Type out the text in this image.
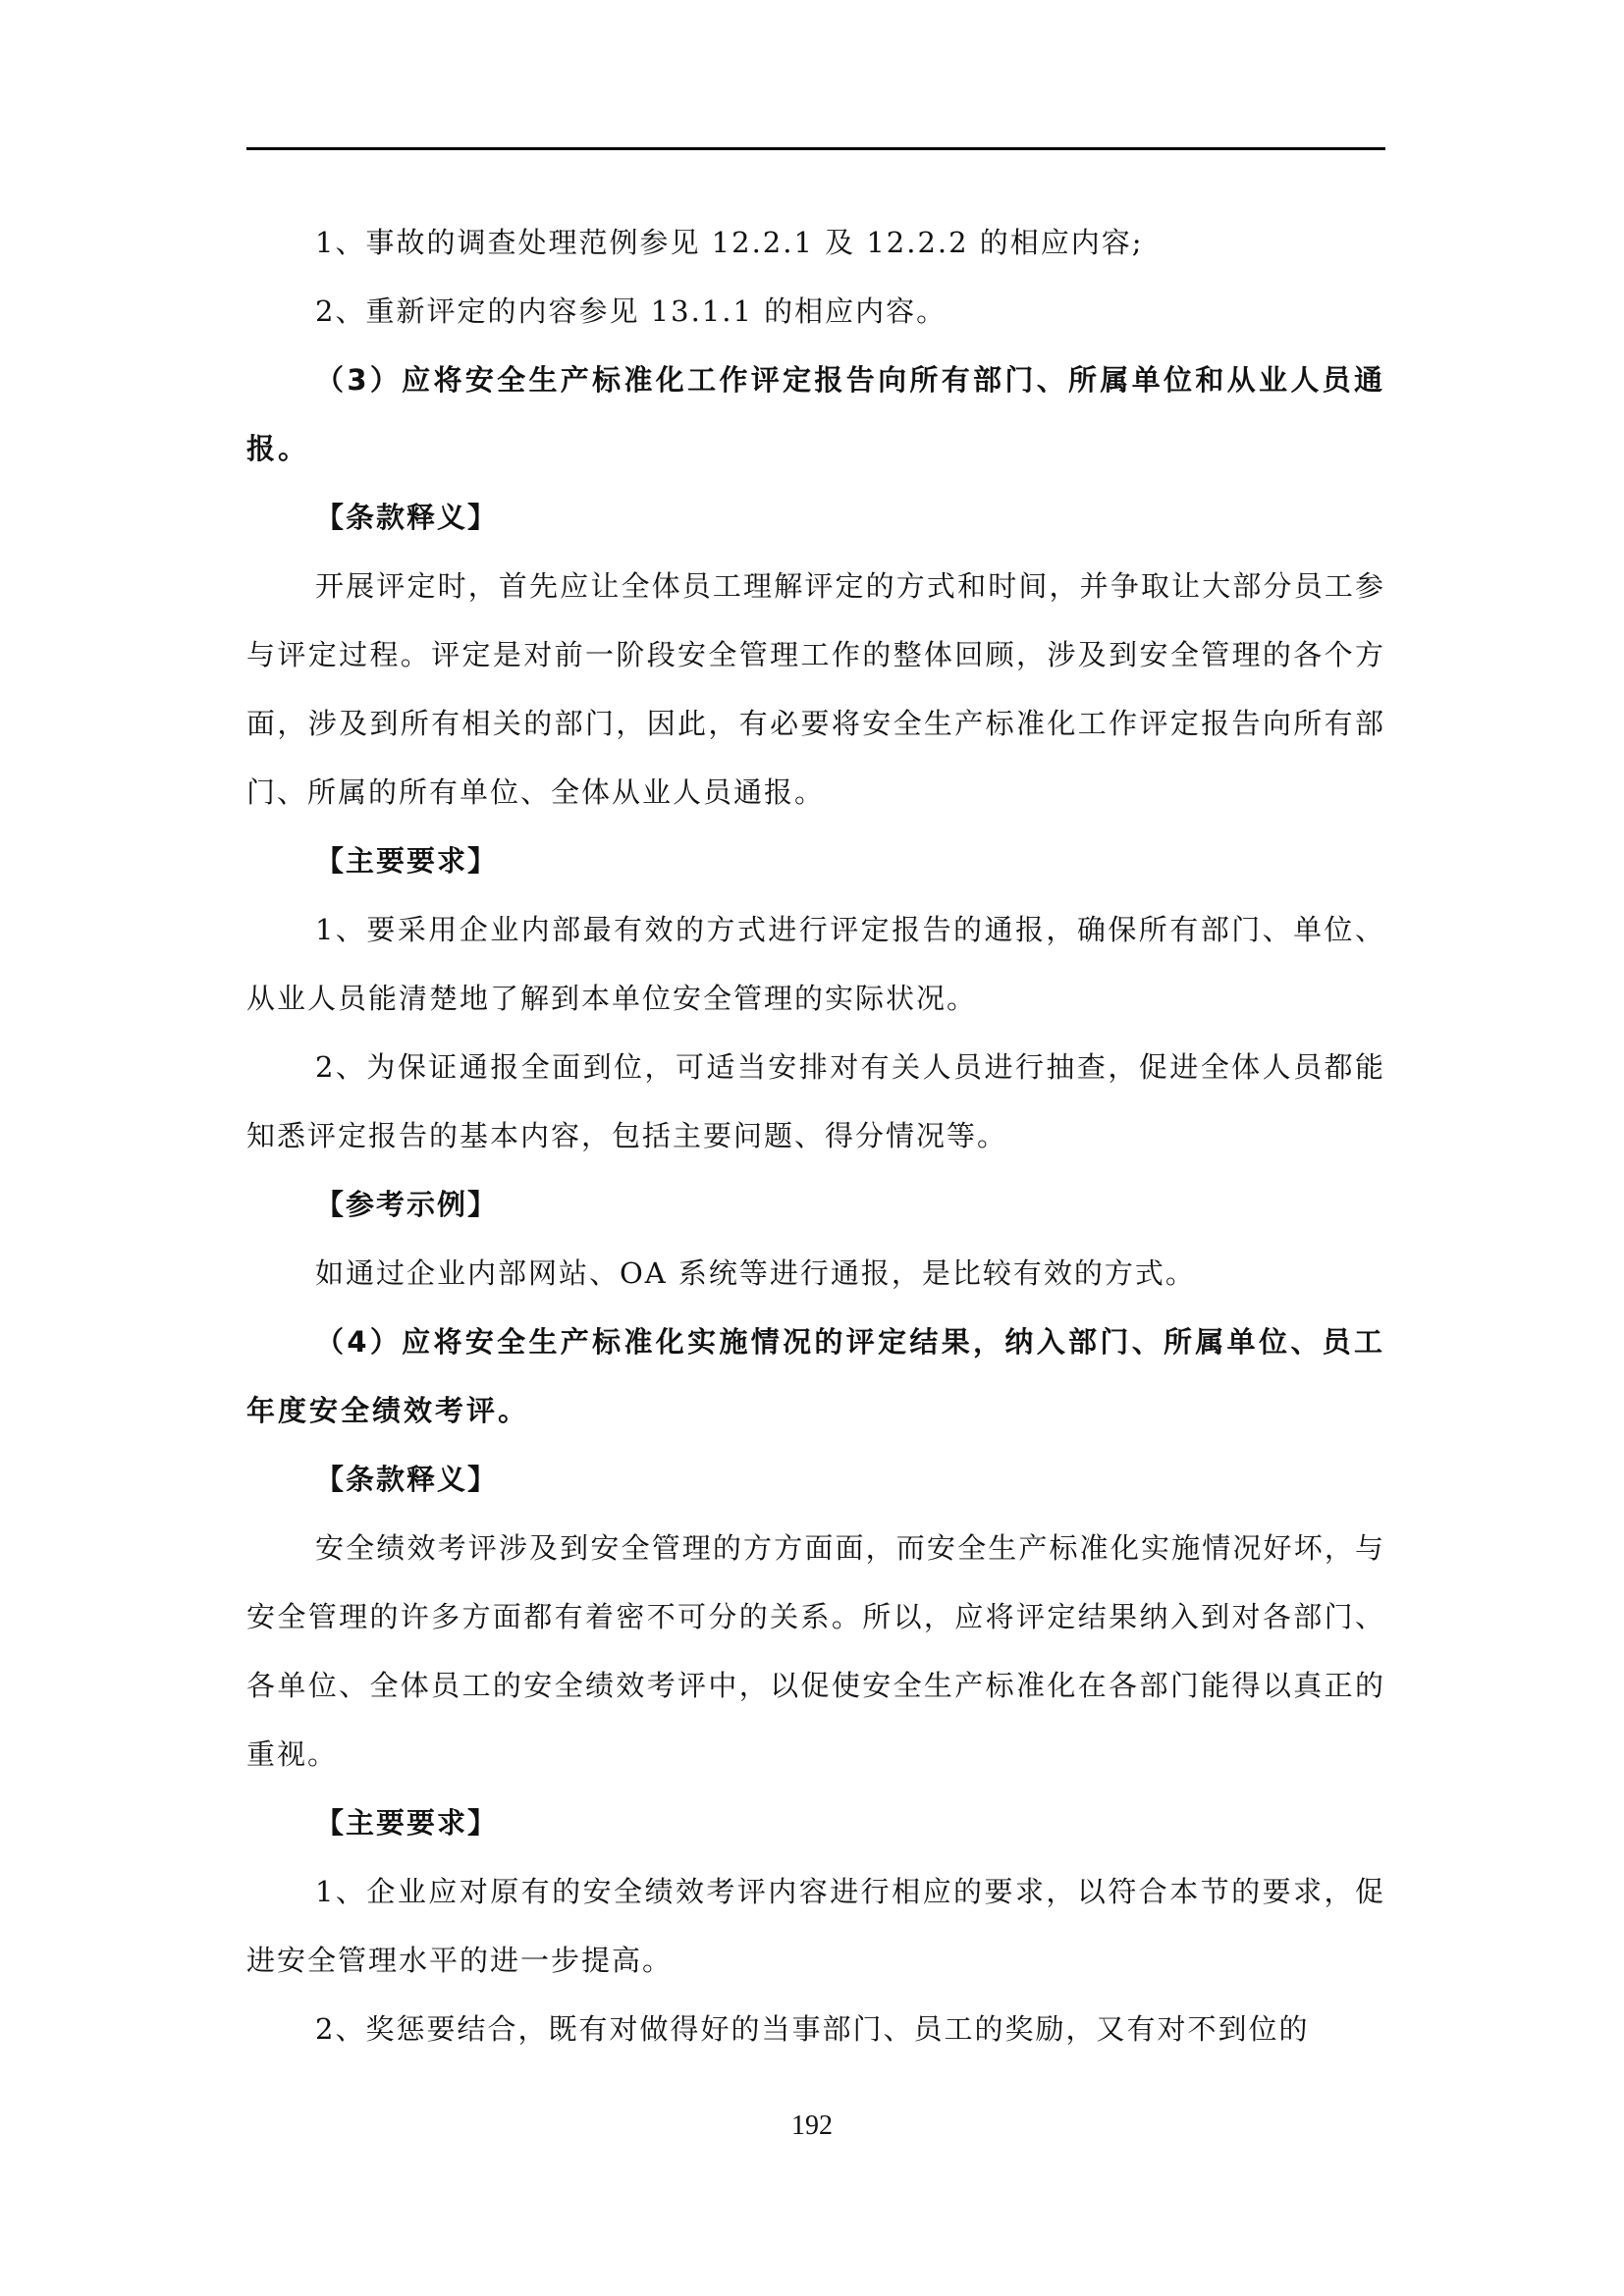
1、事故的调查处理范例参见 12.2.1 及 12.2.2 的相应内容;

2、重新评定的内容参见 13.1.1 的相应内容。

（3）应将安全生产标准化工作评定报告向所有部门、所属单位和从业人员通报。

【条款释义】

开展评定时，首先应让全体员工理解评定的方式和时间，并争取让大部分员工参与评定过程。评定是对前一阶段安全管理工作的整体回顾，涉及到安全管理的各个方面，涉及到所有相关的部门，因此，有必要将安全生产标准化工作评定报告向所有部门、所属的所有单位、全体从业人员通报。

【主要要求】

1、要采用企业内部最有效的方式进行评定报告的通报，确保所有部门、单位、从业人员能清楚地了解到本单位安全管理的实际状况。

2、为保证通报全面到位，可适当安排对有关人员进行抽查，促进全体人员都能知悉评定报告的基本内容，包括主要问题、得分情况等。

【参考示例】

如通过企业内部网站、OA 系统等进行通报，是比较有效的方式。

（4）应将安全生产标准化实施情况的评定结果，纳入部门、所属单位、员工年度安全绩效考评。

【条款释义】

安全绩效考评涉及到安全管理的方方面面，而安全生产标准化实施情况好坏，与安全管理的许多方面都有着密不可分的关系。所以，应将评定结果纳入到对各部门、各单位、全体员工的安全绩效考评中，以促使安全生产标准化在各部门能得以真正的重视。

【主要要求】

1、企业应对原有的安全绩效考评内容进行相应的要求，以符合本节的要求，促进安全管理水平的进一步提高。

2、奖惩要结合，既有对做得好的当事部门、员工的奖励，又有对不到位的

192
